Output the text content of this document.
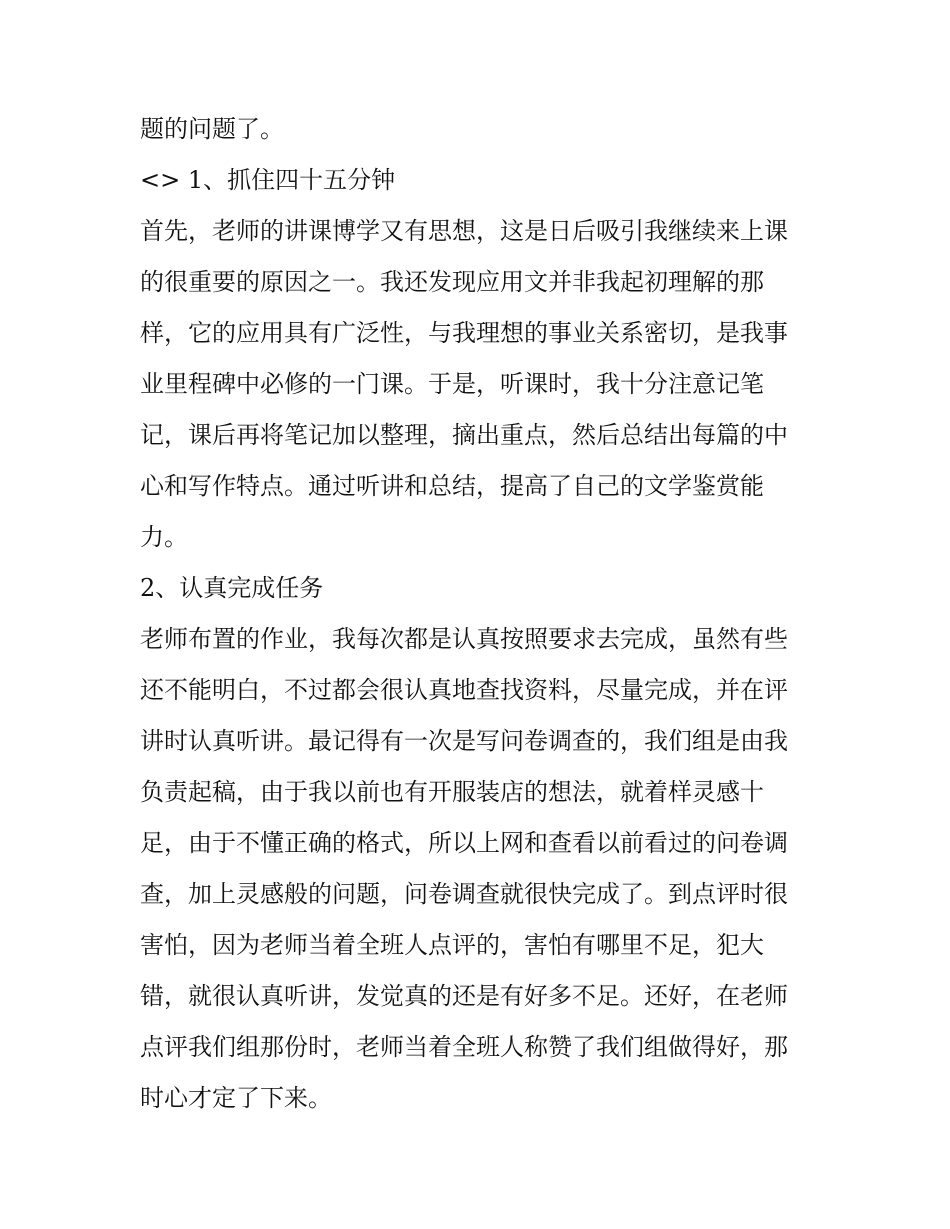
题的问题了。
<> 1、抓住四十五分钟
首先，老师的讲课博学又有思想，这是日后吸引我继续来上课
的很重要的原因之一。我还发现应用文并非我起初理解的那
样，它的应用具有广泛性，与我理想的事业关系密切，是我事
业里程碑中必修的一门课。于是，听课时，我十分注意记笔
记，课后再将笔记加以整理，摘出重点，然后总结出每篇的中
心和写作特点。通过听讲和总结，提高了自己的文学鉴赏能
力。
2、认真完成任务
老师布置的作业，我每次都是认真按照要求去完成，虽然有些
还不能明白，不过都会很认真地查找资料，尽量完成，并在评
讲时认真听讲。最记得有一次是写问卷调查的，我们组是由我
负责起稿，由于我以前也有开服装店的想法，就着样灵感十
足，由于不懂正确的格式，所以上网和查看以前看过的问卷调
查，加上灵感般的问题，问卷调查就很快完成了。到点评时很
害怕，因为老师当着全班人点评的，害怕有哪里不足，犯大
错，就很认真听讲，发觉真的还是有好多不足。还好，在老师
点评我们组那份时，老师当着全班人称赞了我们组做得好，那
时心才定了下来。
